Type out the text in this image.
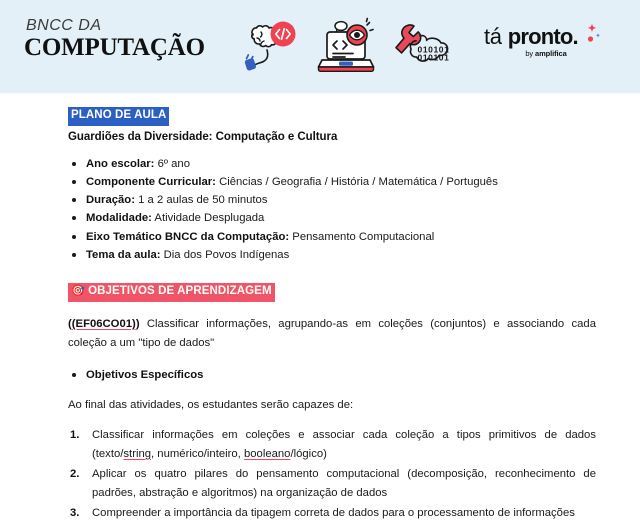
BNCC DA
COMPUTAÇÃO	010101
010101
tá pronto.
by amplifica
PLANO DE AULA
Guardiões da Diversidade: Computação e Cultura
Ano escolar: 6º ano
Componente Curricular: Ciências / Geografia / História / Matemática / Português
Duração: 1 a 2 aulas de 50 minutos
Modalidade: Atividade Desplugada
Eixo Temático BNCC da Computação: Pensamento Computacional
Tema da aula: Dia dos Povos Indígenas
🎯 OBJETIVOS DE APRENDIZAGEM

((EF06CO01)) Classificar informações, agrupando-as em coleções (conjuntos) e associando cada coleção a um "tipo de dados"

Objetivos Específicos

Ao final das atividades, os estudantes serão capazes de:

Classificar informações em coleções e associar cada coleção a tipos primitivos de dados (texto/string, numérico/inteiro, booleano/lógico)
Aplicar os quatro pilares do pensamento computacional (decomposição, reconhecimento de padrões, abstração e algoritmos) na organização de dados
Compreender a importância da tipagem correta de dados para o processamento de informações
